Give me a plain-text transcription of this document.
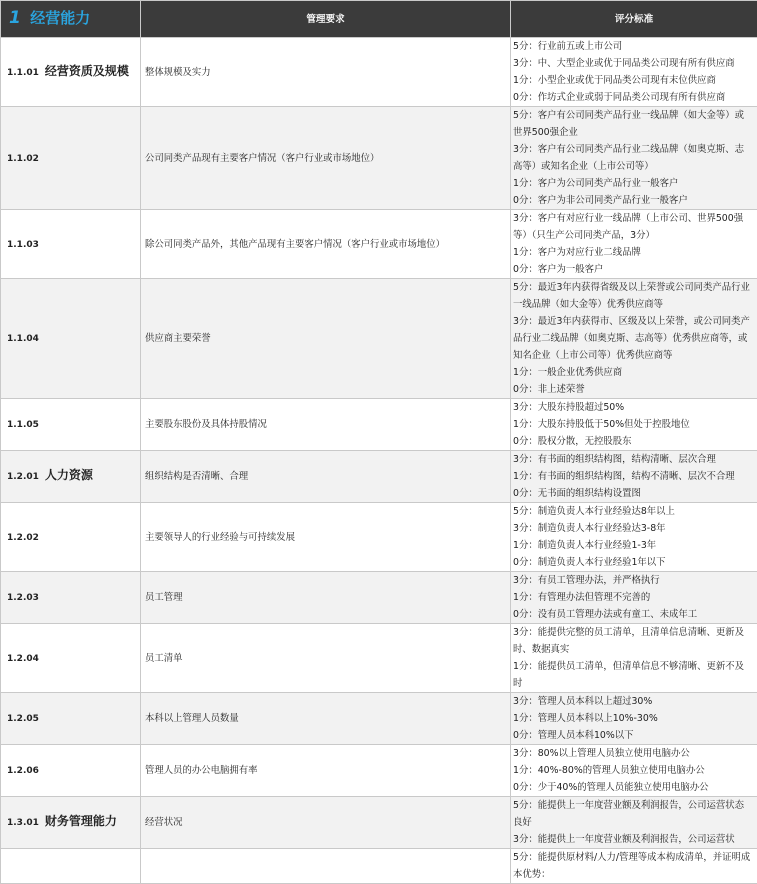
1 经营能力	管理要求	评分标准
1.1.01 经营资质及规模	整体规模及实力	5分：行业前五或上市公司
3分：中、大型企业或优于同品类公司现有所有供应商
1分：小型企业或优于同品类公司现有末位供应商
0分：作坊式企业或弱于同品类公司现有所有供应商

1.1.02	公司同类产品现有主要客户情况（客户行业或市场地位）	5分：客户有公司同类产品行业一线品牌（如大金等）或世界500强企业
3分：客户有公司同类产品行业二线品牌（如奥克斯、志高等）或知名企业（上市公司等）
1分：客户为公司同类产品行业一般客户
0分：客户为非公司同类产品行业一般客户

1.1.03	除公司同类产品外，其他产品现有主要客户情况（客户行业或市场地位）	3分：客户有对应行业一线品牌（上市公司、世界500强等）（只生产公司同类产品，3分）
1分：客户为对应行业二线品牌
0分：客户为一般客户

1.1.04	供应商主要荣誉	5分：最近3年内获得省级及以上荣誉或公司同类产品行业一线品牌（如大金等）优秀供应商等
3分：最近3年内获得市、区级及以上荣誉，或公司同类产品行业二线品牌（如奥克斯、志高等）优秀供应商等，或知名企业（上市公司等）优秀供应商等
1分：一般企业优秀供应商
0分：非上述荣誉

1.1.05	主要股东股份及具体持股情况	3分：大股东持股超过50%
1分：大股东持股低于50%但处于控股地位
0分：股权分散，无控股股东

1.2.01 人力资源	组织结构是否清晰、合理	3分：有书面的组织结构图，结构清晰、层次合理
1分：有书面的组织结构图，结构不清晰、层次不合理
0分：无书面的组织结构设置图

1.2.02	主要领导人的行业经验与可持续发展	5分：制造负责人本行业经验达8年以上
3分：制造负责人本行业经验达3-8年
1分：制造负责人本行业经验1-3年
0分：制造负责人本行业经验1年以下

1.2.03	员工管理	3分：有员工管理办法，并严格执行
1分：有管理办法但管理不完善的
0分：没有员工管理办法或有童工、未成年工

1.2.04	员工清单	3分：能提供完整的员工清单，且清单信息清晰、更新及时、数据真实
1分：能提供员工清单，但清单信息不够清晰、更新不及时

1.2.05	本科以上管理人员数量	3分：管理人员本科以上超过30%
1分：管理人员本科以上10%-30%
0分：管理人员本科10%以下

1.2.06	管理人员的办公电脑拥有率	3分：80%以上管理人员独立使用电脑办公
1分：40%-80%的管理人员独立使用电脑办公
0分：少于40%的管理人员能独立使用电脑办公

1.3.01 财务管理能力	经营状况	5分：能提供上一年度营业额及利润报告，公司运营状态良好
3分：能提供上一年度营业额及利润报告，公司运营状

		5分：能提供原材料/人力/管理等成本构成清单，并证明成本优势：
